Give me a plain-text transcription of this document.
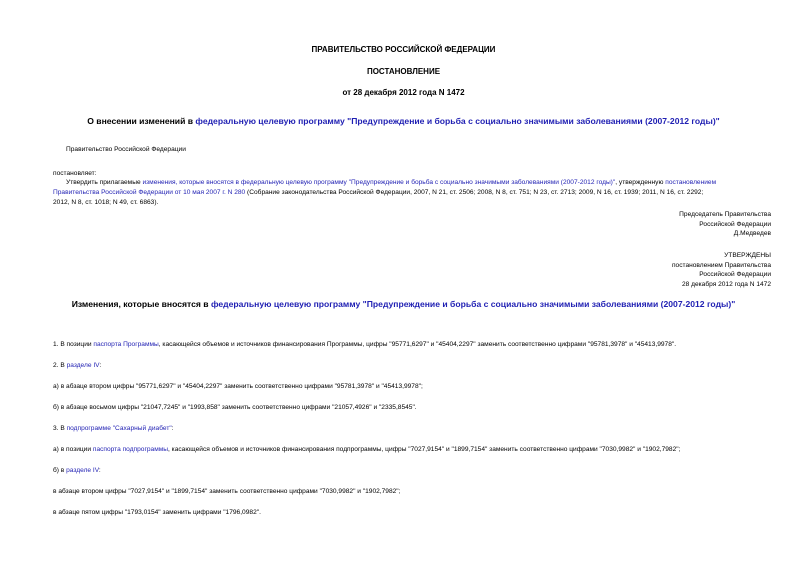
ПРАВИТЕЛЬСТВО РОССИЙСКОЙ ФЕДЕРАЦИИ
ПОСТАНОВЛЕНИЕ
от 28 декабря 2012 года N 1472
О внесении изменений в федеральную целевую программу "Предупреждение и борьба с социально значимыми заболеваниями (2007-2012 годы)"
Правительство Российской Федерации
постановляет:
Утвердить прилагаемые изменения, которые вносятся в федеральную целевую программу "Предупреждение и борьба с социально значимыми заболеваниями (2007-2012 годы)", утвержденную постановлением
Правительства Российской Федерации от 10 мая 2007 г. N 280 (Собрание законодательства Российской Федерации, 2007, N 21, ст. 2506; 2008, N 8, ст. 751; N 23, ст. 2713; 2009, N 16, ст. 1939; 2011, N 16, ст. 2292;
2012, N 8, ст. 1018; N 49, ст. 6863).
Председатель Правительства
Российской Федерации
Д.Медведев
УТВЕРЖДЕНЫ
постановлением Правительства
Российской Федерации
28 декабря 2012 года N 1472
Изменения, которые вносятся в федеральную целевую программу "Предупреждение и борьба с социально значимыми заболеваниями (2007-2012 годы)"
1. В позиции паспорта Программы, касающейся объемов и источников финансирования Программы, цифры "95771,6297" и "45404,2297" заменить соответственно цифрами "95781,3978" и "45413,9978".
2. В разделе IV:
а) в абзаце втором цифры "95771,6297" и "45404,2297" заменить соответственно цифрами "95781,3978" и "45413,9978";
б) в абзаце восьмом цифры "21047,7245" и "1993,858" заменить соответственно цифрами "21057,4926" и "2335,8545".
3. В подпрограмме "Сахарный диабет":
а) в позиции паспорта подпрограммы, касающейся объемов и источников финансирования подпрограммы, цифры "7027,9154" и "1899,7154" заменить соответственно цифрами "7030,9982" и "1902,7982";
б) в разделе IV:
в абзаце втором цифры "7027,9154" и "1899,7154" заменить соответственно цифрами "7030,9982" и "1902,7982";
в абзаце пятом цифры "1793,0154" заменить цифрами "1796,0982".
